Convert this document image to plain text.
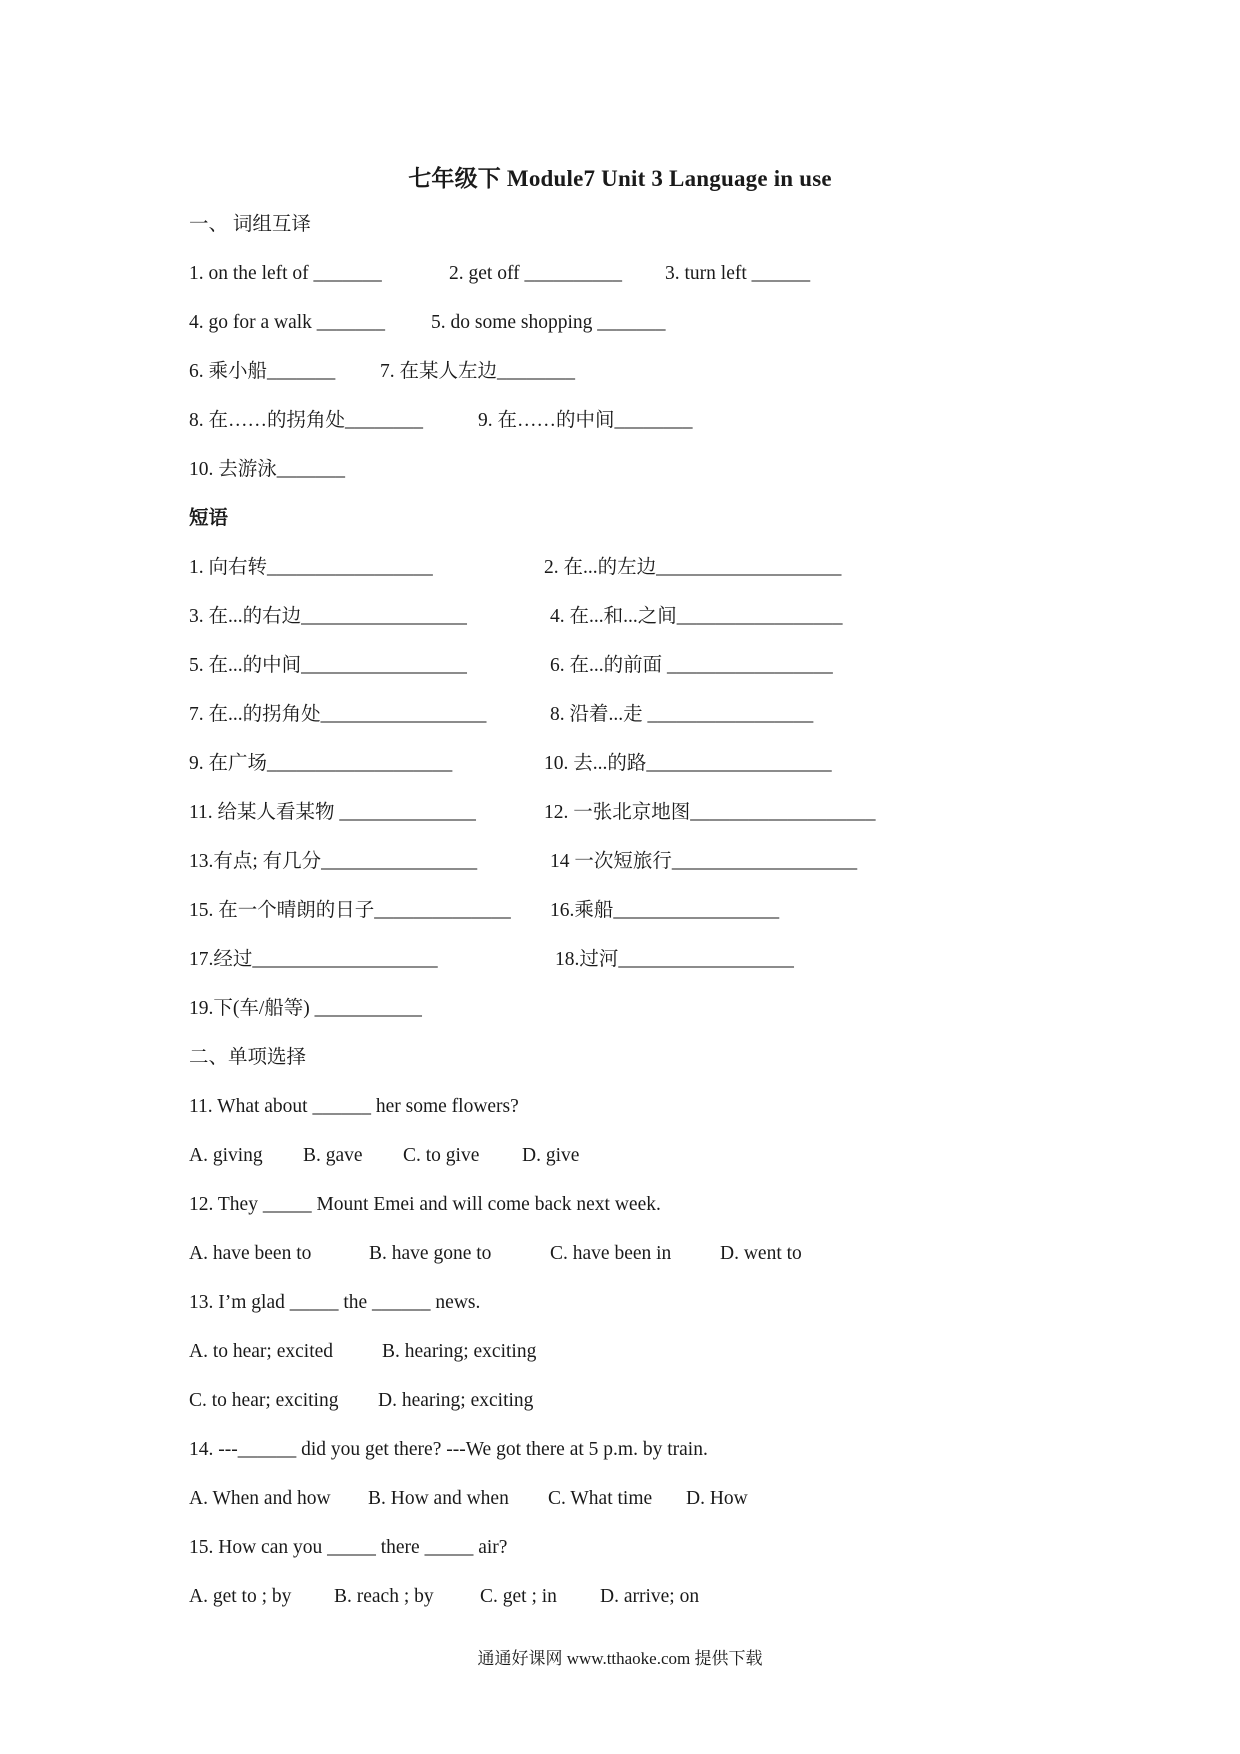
七年级下 Module7 Unit 3 Language in use
一、 词组互译
1. on the left of _______	2. get off __________ 3. turn left ______
4. go for a walk _______ 5. do some shopping _______
6. 乘小船_______ 7. 在某人左边________
8. 在……的拐角处________	9. 在……的中间________
10. 去游泳_______
短语
1. 向右转_________________	2. 在...的左边___________________
3. 在...的右边_________________	4. 在...和...之间_________________
5. 在...的中间_________________	6. 在...的前面 _________________
7. 在...的拐角处_________________	8. 沿着...走 _________________
9. 在广场___________________	10. 去...的路___________________
11. 给某人看某物 ______________	12. 一张北京地图___________________
13.有点; 有几分________________	14 一次短旅行___________________
15. 在一个晴朗的日子______________ 16.乘船_________________
17.经过___________________	18.过河__________________
19.下(车/船等) ___________
二、单项选择
11. What about ______ her some flowers?
A. giving B. gave C. to give D. give
12. They _____ Mount Emei and will come back next week.
A. have been to	B. have gone to	C. have been in D. went to
13. I’m glad _____ the ______ news.
A. to hear; excited	B. hearing; exciting
C. to hear; exciting D. hearing; exciting
14. ---______ did you get there? ---We got there at 5 p.m. by train.
A. When and how B. How and when C. What time D. How
15. How can you _____ there _____ air?
A. get to ; by B. reach ; by C. get ; in D. arrive; on
通通好课网 www.tthaoke.com 提供下载
